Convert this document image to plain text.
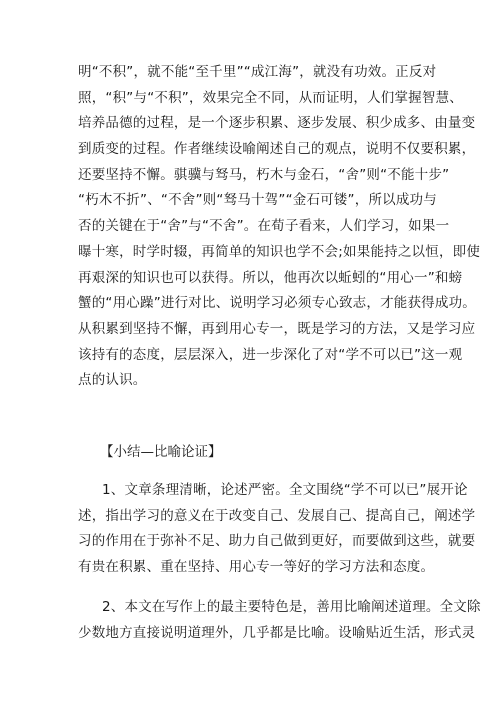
明“不积”，就不能“至千里”“成江海”，就没有功效。正反对
照，“积”与“不积”，效果完全不同，从而证明，人们掌握智慧、
培养品德的过程，是一个逐步积累、逐步发展、积少成多、由量变
到质变的过程。作者继续设喻阐述自己的观点，说明不仅要积累，
还要坚持不懈。骐骥与驽马，朽木与金石，“舍”则“不能十步”
“朽木不折”、“不舍”则“驽马十驾”“金石可镂”，所以成功与
否的关键在于“舍”与“不舍”。在荀子看来，人们学习，如果一
曝十寒，时学时辍，再简单的知识也学不会;如果能持之以恒，即使
再艰深的知识也可以获得。所以，他再次以蚯蚓的“用心一”和螃
蟹的“用心躁”进行对比、说明学习必须专心致志，才能获得成功。
从积累到坚持不懈，再到用心专一，既是学习的方法，又是学习应
该持有的态度，层层深入，进一步深化了对“学不可以已”这一观
点的认识。
【小结—比喻论证】
1、文章条理清晰，论述严密。全文围绕“学不可以已”展开论
述，指出学习的意义在于改变自己、发展自己、提高自己，阐述学
习的作用在于弥补不足、助力自己做到更好，而要做到这些，就要
有贵在积累、重在坚持、用心专一等好的学习方法和态度。
2、本文在写作上的最主要特色是，善用比喻阐述道理。全文除
少数地方直接说明道理外，几乎都是比喻。设喻贴近生活，形式灵
